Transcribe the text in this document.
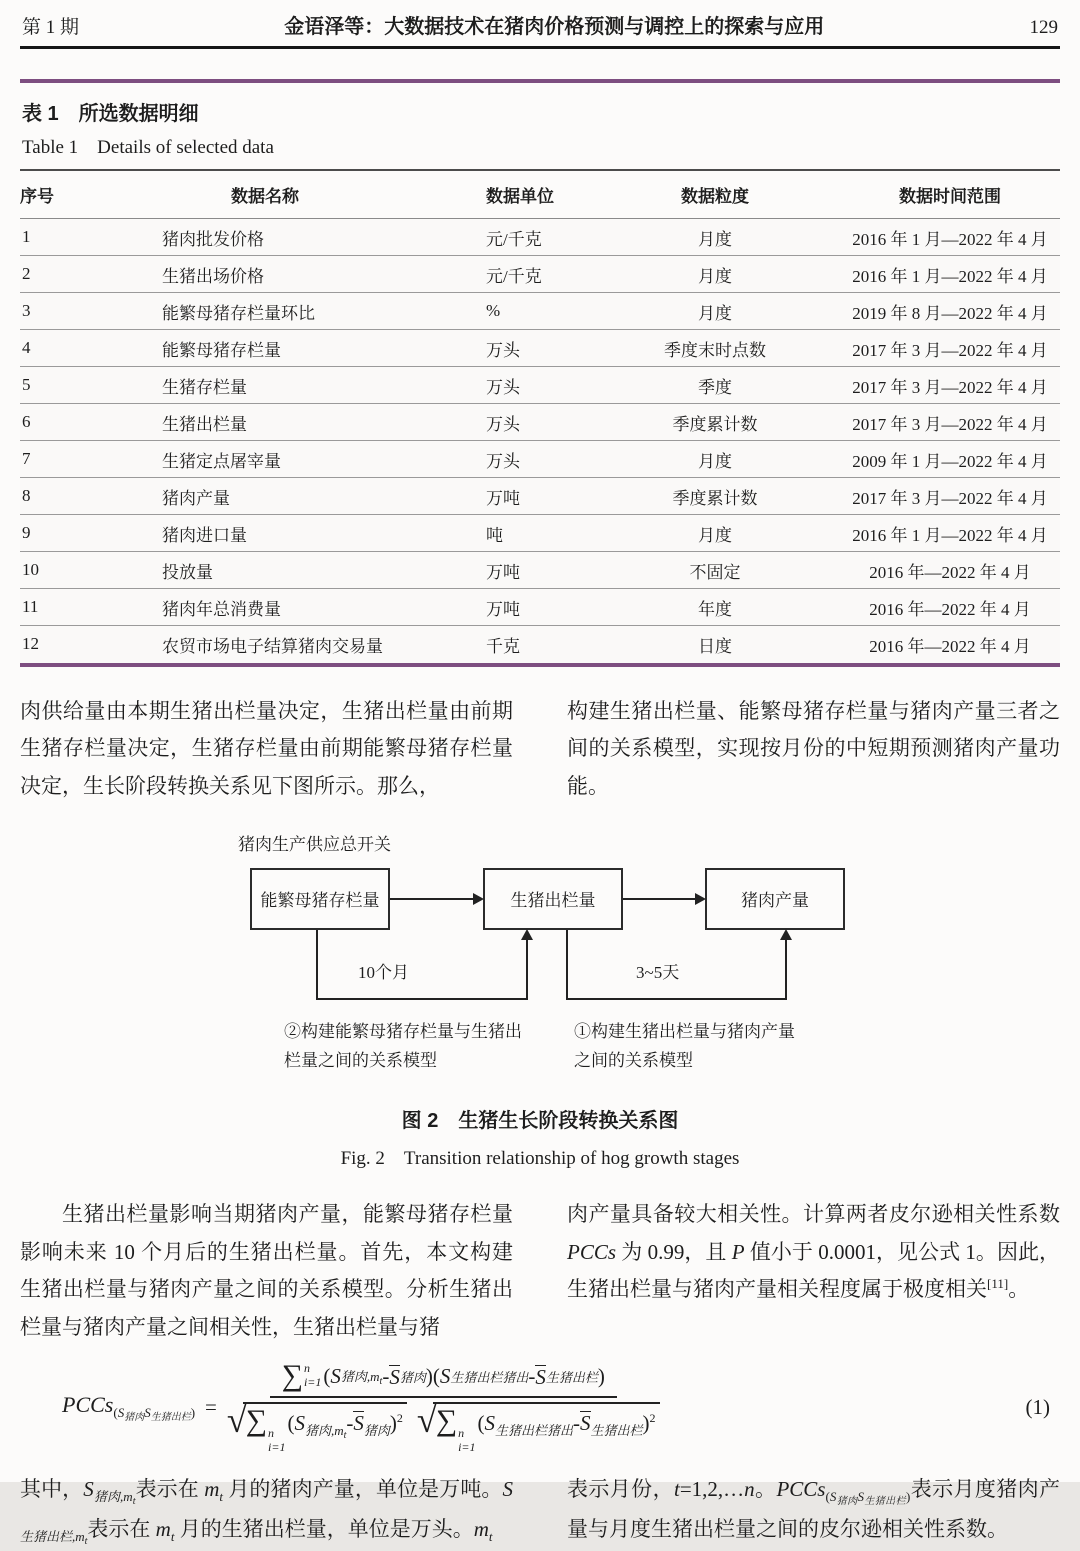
第 1 期	金语泽等：大数据技术在猪肉价格预测与调控上的探索与应用	129
表 1　所选数据明细
Table 1　Details of selected data
序号	数据名称	数据单位	数据粒度	数据时间范围
1	猪肉批发价格	元/千克	月度	2016 年 1 月—2022 年 4 月
2	生猪出场价格	元/千克	月度	2016 年 1 月—2022 年 4 月
3	能繁母猪存栏量环比	%	月度	2019 年 8 月—2022 年 4 月
4	能繁母猪存栏量	万头	季度末时点数	2017 年 3 月—2022 年 4 月
5	生猪存栏量	万头	季度	2017 年 3 月—2022 年 4 月
6	生猪出栏量	万头	季度累计数	2017 年 3 月—2022 年 4 月
7	生猪定点屠宰量	万头	月度	2009 年 1 月—2022 年 4 月
8	猪肉产量	万吨	季度累计数	2017 年 3 月—2022 年 4 月
9	猪肉进口量	吨	月度	2016 年 1 月—2022 年 4 月
10	投放量	万吨	不固定	2016 年—2022 年 4 月
11	猪肉年总消费量	万吨	年度	2016 年—2022 年 4 月
12	农贸市场电子结算猪肉交易量	千克	日度	2016 年—2022 年 4 月

肉供给量由本期生猪出栏量决定，生猪出栏量由前期生猪存栏量决定，生猪存栏量由前期能繁母猪存栏量决定，生长阶段转换关系见下图所示。那么，

构建生猪出栏量、能繁母猪存栏量与猪肉产量三者之间的关系模型，实现按月份的中短期预测猪肉产量功能。

猪肉生产供应总开关
能繁母猪存栏量	生猪出栏量	猪肉产量
10个月	3~5天
②构建能繁母猪存栏量与生猪出
栏量之间的关系模型
①构建生猪出栏量与猪肉产量
之间的关系模型
图 2　生猪生长阶段转换关系图
Fig. 2　Transition relationship of hog growth stages

生猪出栏量影响当期猪肉产量，能繁母猪存栏量影响未来 10 个月后的生猪出栏量。首先，本文构建生猪出栏量与猪肉产量之间的关系模型。分析生猪出栏量与猪肉产量之间相关性，生猪出栏量与猪

肉产量具备较大相关性。计算两者皮尔逊相关性系数 PCCs 为 0.99，且 P 值小于 0.0001，见公式 1。因此，生猪出栏量与猪肉产量相关程度属于极度相关[11]。

PCCs$_{(S_{猪肉}S_{生猪出栏})}$ = ∑ n
i=1 ( S 猪肉$,m_t$ - S 猪肉 ) ( S 生猪出栏猪出 - S 生猪出栏 )
√ ∑ n
i=1
$(S_{猪肉,m_t}-S_{猪肉})^2$ √ ∑ n
i=1
$(S_{生猪出栏猪出}-S_{生猪出栏})^2$	(1)

其中，$S_{猪肉,m_t}$表示在 $m_t$ 月的猪肉产量，单位是万吨。$S_{生猪出栏,m_t}$表示在 $m_t$ 月的生猪出栏量，单位是万头。$m_t$

表示月份，t=1,2,…n。PCCs$_{(S_{猪肉}S_{生猪出栏})}$表示月度猪肉产量与月度生猪出栏量之间的皮尔逊相关性系数。
